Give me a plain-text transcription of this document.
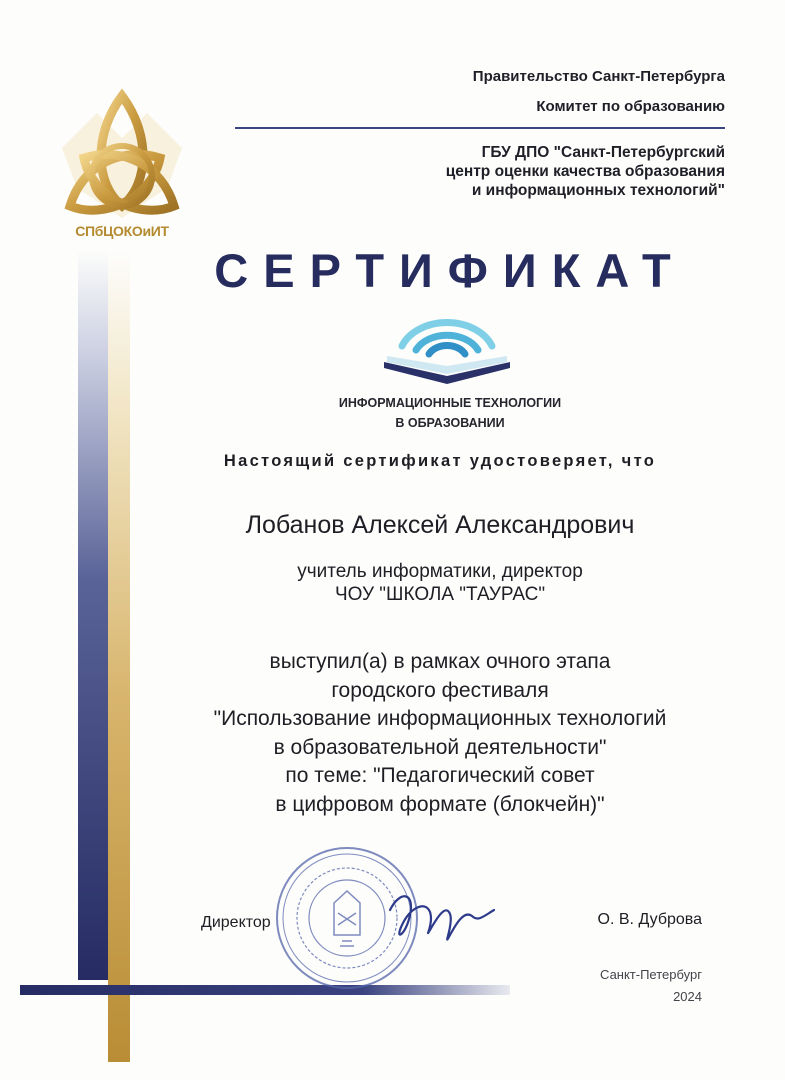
СПбЦОКОиИТ
Правительство Санкт-Петербурга
Комитет по образованию
ГБУ ДПО "Санкт-Петербургский
центр оценки качества образования
и информационных технологий"
СЕРТИФИКАТ
ИНФОРМАЦИОННЫЕ ТЕХНОЛОГИИ
В ОБРАЗОВАНИИ
Настоящий сертификат удостоверяет, что
Лобанов Алексей Александрович
учитель информатики, директор
ЧОУ "ШКОЛА "ТАУРАС"
выступил(а) в рамках очного этапа
городского фестиваля
"Использование информационных технологий
в образовательной деятельности"
по теме: "Педагогический совет
в цифровом формате (блокчейн)"
Директор	О. В. Дуброва
Санкт-Петербург
2024
